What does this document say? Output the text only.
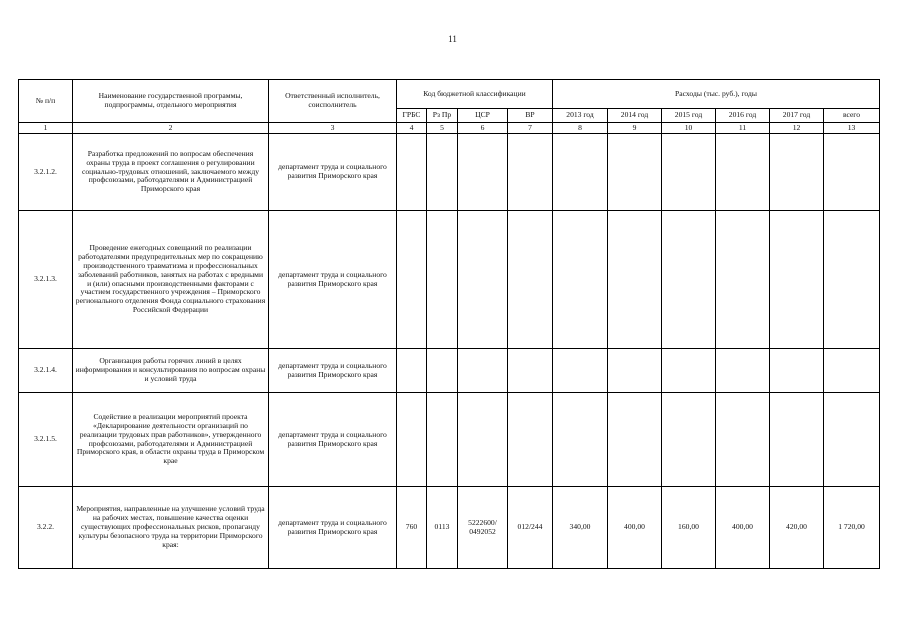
11
№ п/п	Наименование государственной программы, подпрограммы, отдельного мероприятия	Ответственный исполнитель, соисполнитель	Код бюджетной классификации				Расходы (тыс. руб.), годы					
			ГРБС	Рз Пр	ЦСР	ВР	2013 год	2014 год	2015 год	2016 год	2017 год	всего
1	2	3	4	5	6	7	8	9	10	11	12	13
3.2.1.2.	Разработка предложений по вопросам обеспечения охраны труда в проект соглашения о регулировании социально-трудовых отношений, заключаемого между профсоюзами, работодателями и Администрацией Приморского края	департамент труда и социального развития Приморского края										
3.2.1.3.	Проведение ежегодных совещаний по реализации работодателями предупредительных мер по сокращению производственного травматизма и профессиональных заболеваний работников, занятых на работах с вредными и (или) опасными производственными факторами с участием государственного учреждения – Приморского регионального отделения Фонда социального страхования Российской Федерации	департамент труда и социального развития Приморского края										
3.2.1.4.	Организация работы горячих линий в целях информирования и консультирования по вопросам охраны и условий труда	департамент труда и социального развития Приморского края										
3.2.1.5.	Содействие в реализации мероприятий проекта «Декларирование деятельности организаций по реализации трудовых прав работников», утвержденного профсоюзами, работодателями и Администрацией Приморского края, в области охраны труда в Приморском крае	департамент труда и социального развития Приморского края										
3.2.2.	Мероприятия, направленные на улучшение условий труда на рабочих местах, повышение качества оценки существующих профессиональных рисков, пропаганду культуры безопасного труда на территории Приморского края:	департамент труда и социального развития Приморского края	760	0113	5222600/ 0492052	012/244	340,00	400,00	160,00	400,00	420,00	1 720,00
